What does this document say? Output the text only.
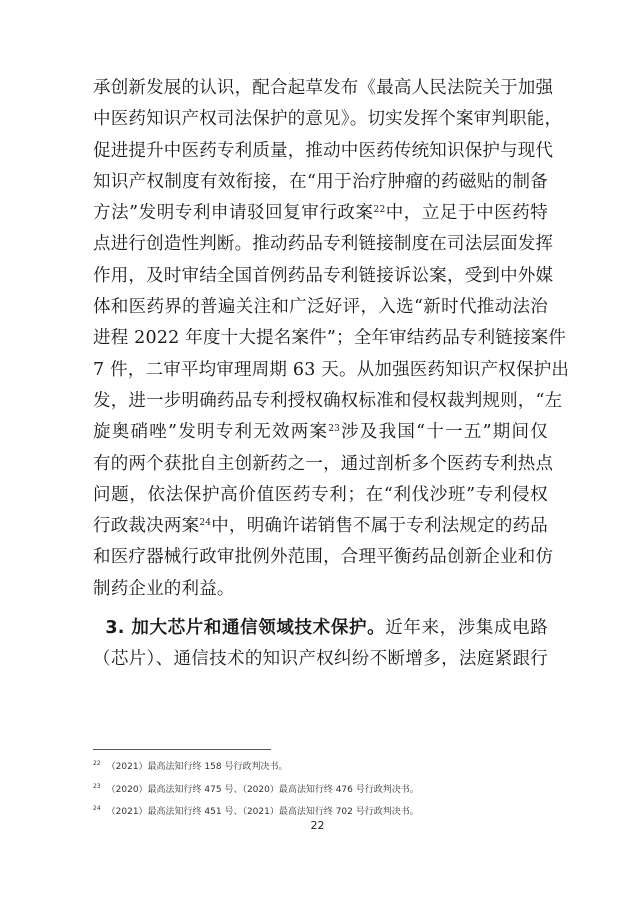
承创新发展的认识，配合起草发布《最高人民法院关于加强
中医药知识产权司法保护的意见》。切实发挥个案审判职能，
促进提升中医药专利质量，推动中医药传统知识保护与现代
知识产权制度有效衔接，在“用于治疗肿瘤的药磁贴的制备
方法”发明专利申请驳回复审行政案$^{22}$中，立足于中医药特
点进行创造性判断。推动药品专利链接制度在司法层面发挥
作用，及时审结全国首例药品专利链接诉讼案，受到中外媒
体和医药界的普遍关注和广泛好评，入选“新时代推动法治
进程 2022 年度十大提名案件”；全年审结药品专利链接案件
7 件，二审平均审理周期 63 天。从加强医药知识产权保护出
发，进一步明确药品专利授权确权标准和侵权裁判规则，“左
旋奥硝唑”发明专利无效两案$^{23}$涉及我国“十一五”期间仅
有的两个获批自主创新药之一，通过剖析多个医药专利热点
问题，依法保护高价值医药专利；在“利伐沙班”专利侵权
行政裁决两案$^{24}$中，明确许诺销售不属于专利法规定的药品
和医疗器械行政审批例外范围，合理平衡药品创新企业和仿
制药企业的利益。
3. 加大芯片和通信领域技术保护。近年来，涉集成电路
（芯片）、通信技术的知识产权纠纷不断增多，法庭紧跟行
$^{22}$ （2021）最高法知行终 158 号行政判决书。
$^{23}$ （2020）最高法知行终 475 号、（2020）最高法知行终 476 号行政判决书。
$^{24}$ （2021）最高法知行终 451 号、（2021）最高法知行终 702 号行政判决书。
22
